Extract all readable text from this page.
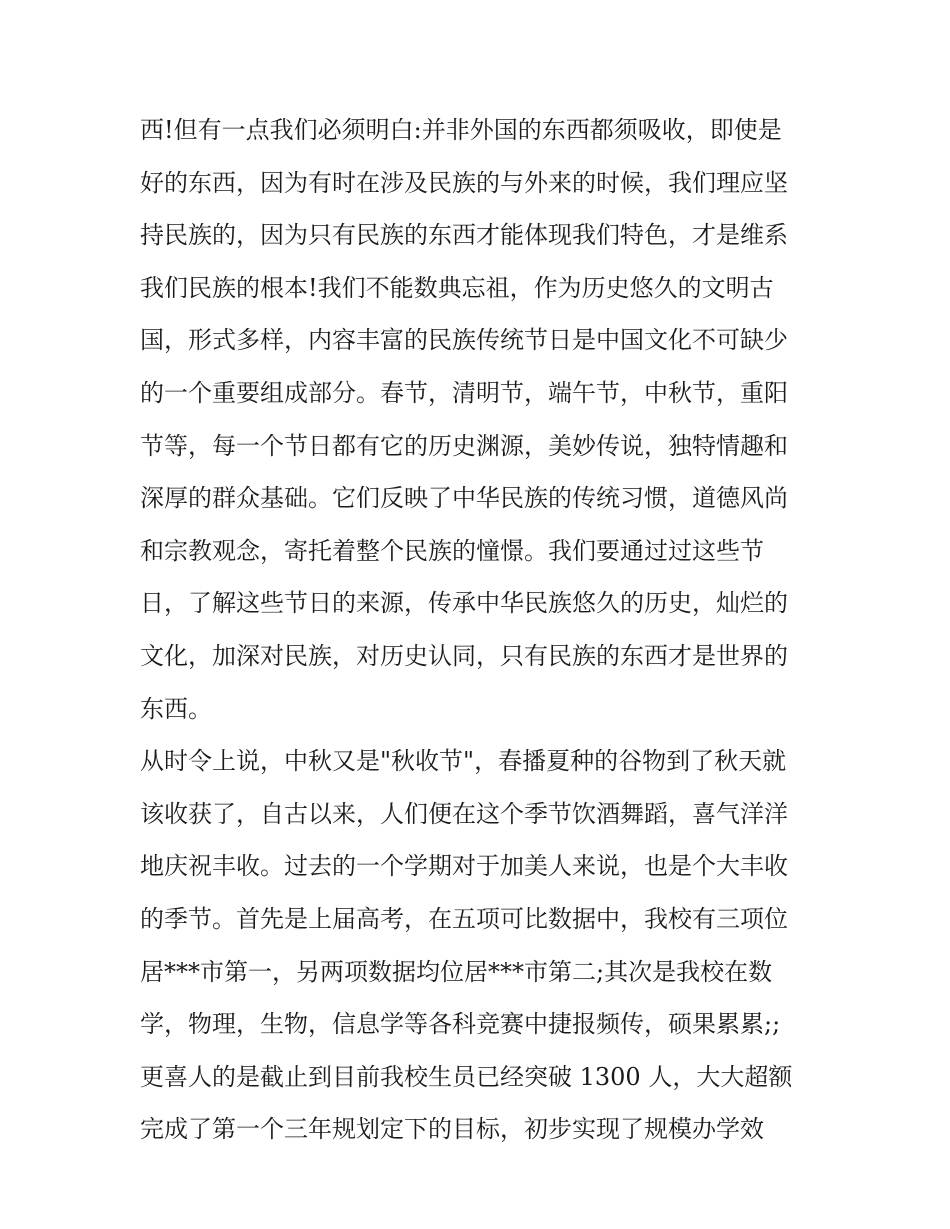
西!但有一点我们必须明白:并非外国的东西都须吸收，即使是
好的东西，因为有时在涉及民族的与外来的时候，我们理应坚
持民族的，因为只有民族的东西才能体现我们特色，才是维系
我们民族的根本!我们不能数典忘祖，作为历史悠久的文明古
国，形式多样，内容丰富的民族传统节日是中国文化不可缺少
的一个重要组成部分。春节，清明节，端午节，中秋节，重阳
节等，每一个节日都有它的历史渊源，美妙传说，独特情趣和
深厚的群众基础。它们反映了中华民族的传统习惯，道德风尚
和宗教观念，寄托着整个民族的憧憬。我们要通过过这些节
日，了解这些节日的来源，传承中华民族悠久的历史，灿烂的
文化，加深对民族，对历史认同，只有民族的东西才是世界的
东西。
从时令上说，中秋又是"秋收节"，春播夏种的谷物到了秋天就
该收获了，自古以来，人们便在这个季节饮酒舞蹈，喜气洋洋
地庆祝丰收。过去的一个学期对于加美人来说，也是个大丰收
的季节。首先是上届高考，在五项可比数据中，我校有三项位
居***市第一，另两项数据均位居***市第二;其次是我校在数
学，物理，生物，信息学等各科竞赛中捷报频传，硕果累累;;
更喜人的是截止到目前我校生员已经突破 1300 人，大大超额
完成了第一个三年规划定下的目标，初步实现了规模办学效
